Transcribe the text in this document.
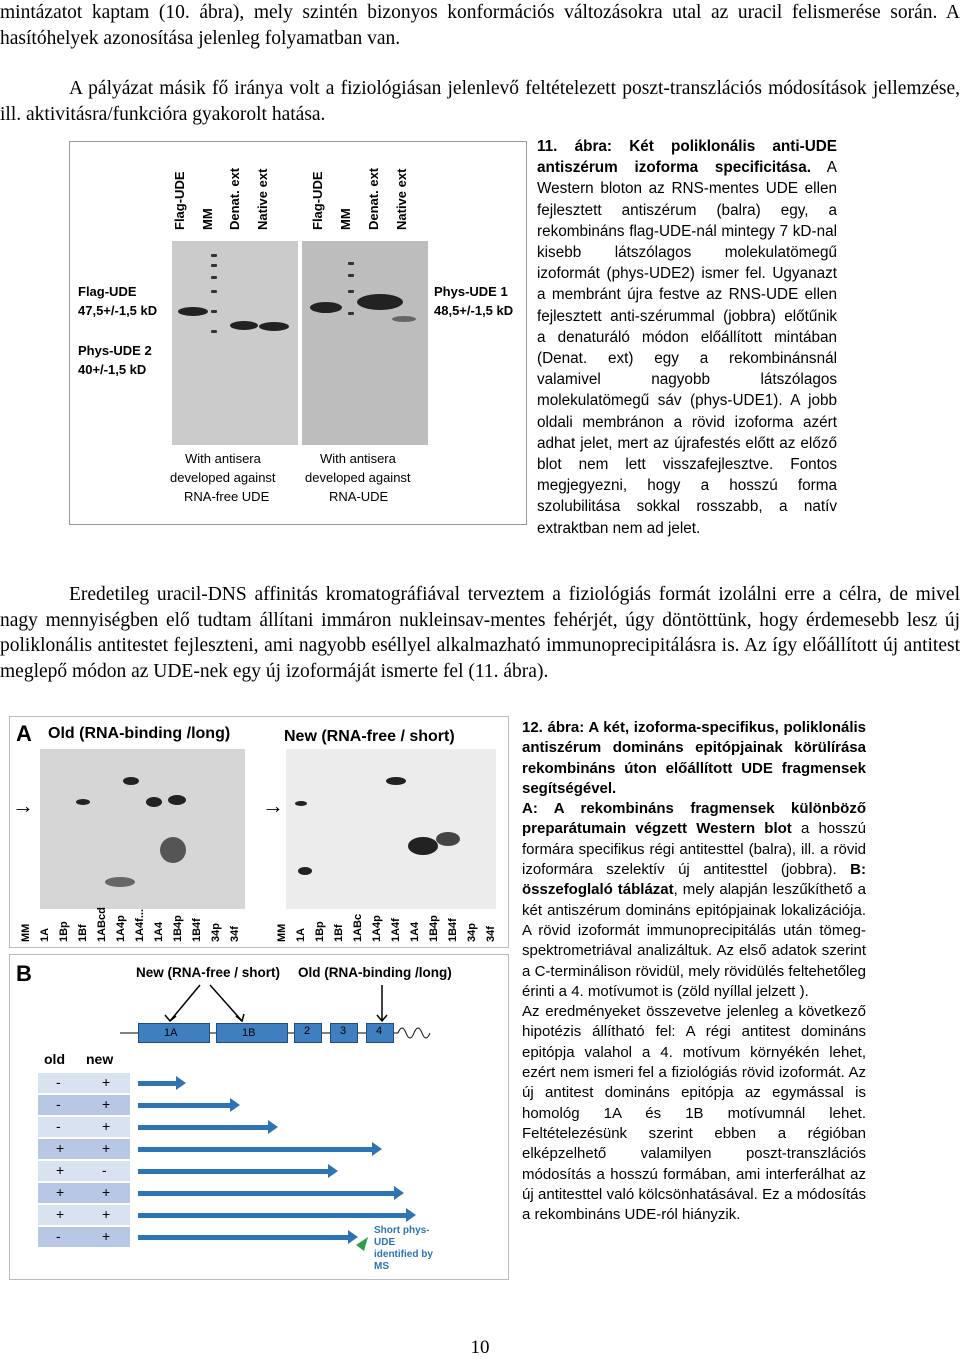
mintázatot kaptam (10. ábra), mely szintén bizonyos konformációs változásokra utal az uracil felismerése során. A hasítóhelyek azonosítása jelenleg folyamatban van.
A pályázat másik fő iránya volt a fiziológiásan jelenlevő feltételezett poszt-transzlációs módosítások jellemzése, ill. aktivitásra/funkcióra gyakorolt hatása.
Flag-UDE MM Denat. ext Native ext	Flag-UDE MM Denat. ext Native ext
Flag-UDE
47,5+/-1,5 kD
Phys-UDE 2
40+/-1,5 kD
Phys-UDE 1
48,5+/-1,5 kD
With antisera
developed against
RNA-free UDE
With antisera
developed against
RNA-UDE

11. ábra: Két poliklonális anti-UDE antiszérum izoforma specificitása. A Western bloton az RNS-mentes UDE ellen fejlesztett antiszérum (balra) egy, a rekombináns flag-UDE-nál mintegy 7 kD-nal kisebb látszólagos molekulatömegű izoformát (phys-UDE2) ismer fel. Ugyanazt a membránt újra festve az RNS-UDE ellen fejlesztett anti-szérummal (jobbra) előtűnik a denaturáló módon előállított mintában (Denat. ext) egy a rekombinánsnál valamivel nagyobb látszólagos molekulatömegű sáv (phys-UDE1). A jobb oldali membránon a rövid izoforma azért adhat jelet, mert az újrafestés előtt az előző blot nem lett visszafejlesztve. Fontos megjegyezni, hogy a hosszú forma szolubilitása sokkal rosszabb, a natív extraktban nem ad jelet.

Eredetileg uracil-DNS affinitás kromatográfiával terveztem a fiziológiás formát izolálni erre a célra, de mivel nagy mennyiségben elő tudtam állítani immáron nukleinsav-mentes fehérjét, úgy döntöttünk, hogy érdemesebb lesz új poliklonális antitestet fejleszteni, ami nagyobb eséllyel alkalmazható immunoprecipitálásra is. Az így előállított új antitest meglepő módon az UDE-nek egy új izoformáját ismerte fel (11. ábra).
A Old (RNA-binding /long)	New (RNA-free / short)
→	→
MM 1A 1Bp 1Bf 1ABcd 1A4p 1A4f... 1A4 1B4p 1B4f 34p 34f	MM 1A 1Bp 1Bf 1ABc 1A4p 1A4f 1A4 1B4p 1B4f 34p 34f
B	New (RNA-free / short) Old (RNA-binding /long)
1A	1B	2	3	4
old new
-	+
-	+
-	+
+	+
+	-
+	+
+	+
-	+	Short phys-
UDE
identified by
MS

12. ábra: A két, izoforma-specifikus, poliklonális antiszérum domináns epitópjainak körülírása rekombináns úton előállított UDE fragmensek segítségével.

A: A rekombináns fragmensek különböző preparátumain végzett Western blot a hosszú formára specifikus régi antitesttel (balra), ill. a rövid izoformára szelektív új antitesttel (jobbra). B: összefoglaló táblázat, mely alapján leszűkíthető a két antiszérum domináns epitópjainak lokalizációja. A rövid izoformát immunoprecipitálás után tömeg-spektrometriával analizáltuk. Az első adatok szerint a C-terminálison rövidül, mely rövidülés feltehetőleg érinti a 4. motívumot is (zöld nyíllal jelzett ).

Az eredményeket összevetve jelenleg a következő hipotézis állítható fel: A régi antitest domináns epitópja valahol a 4. motívum környékén lehet, ezért nem ismeri fel a fiziológiás rövid izoformát. Az új antitest domináns epitópja az egymással is homológ 1A és 1B motívumnál lehet. Feltételezésünk szerint ebben a régióban elképzelhető valamilyen poszt-transzlációs módosítás a hosszú formában, ami interferálhat az új antitesttel való kölcsönhatásával. Ez a módosítás a rekombináns UDE-ról hiányzik.

10
